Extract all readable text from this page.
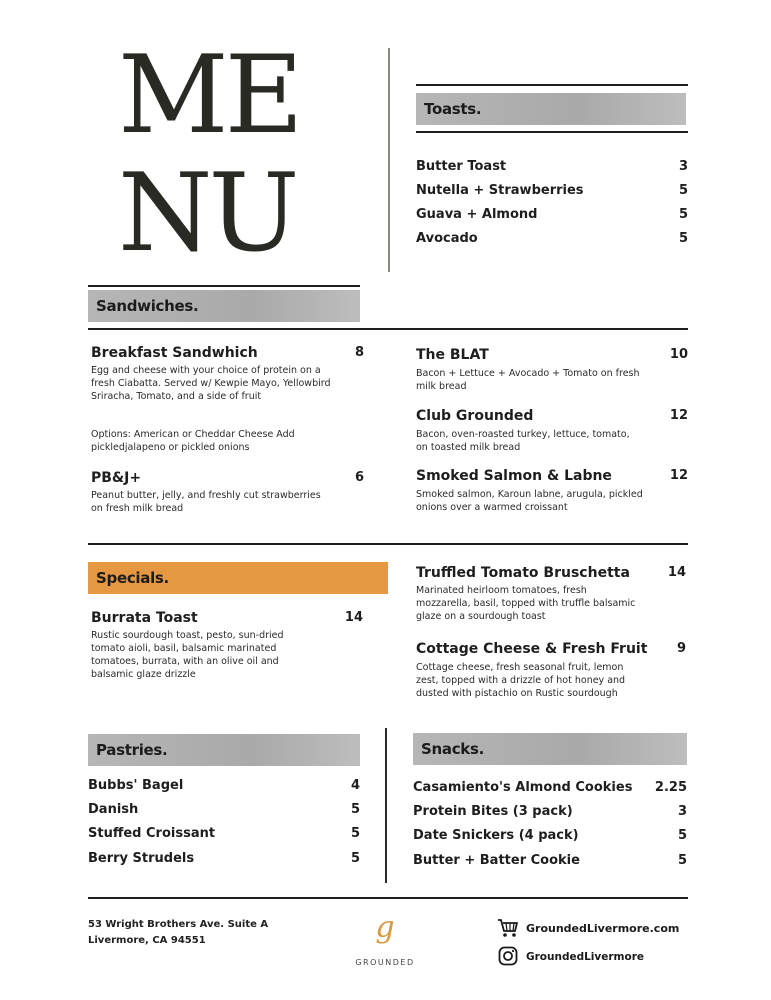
ME
NU
Toasts.
Butter Toast	3
Nutella + Strawberries	5
Guava + Almond	5
Avocado	5
Sandwiches.
Breakfast Sandwhich	8
Egg and cheese with your choice of protein on a fresh Ciabatta. Served w/ Kewpie Mayo, Yellowbird Sriracha, Tomato, and a side of fruit
Options: American or Cheddar Cheese Add pickledjalapeno or pickled onions
PB&J+	6
Peanut butter, jelly, and freshly cut strawberries on fresh milk bread
The BLAT	10
Bacon + Lettuce + Avocado + Tomato on fresh milk bread
Club Grounded	12
Bacon, oven-roasted turkey, lettuce, tomato, on toasted milk bread
Smoked Salmon & Labne	12
Smoked salmon, Karoun labne, arugula, pickled onions over a warmed croissant
Specials.
Burrata Toast	14
Rustic sourdough toast, pesto, sun-dried tomato aioli, basil, balsamic marinated tomatoes, burrata, with an olive oil and balsamic glaze drizzle
Truffled Tomato Bruschetta	14
Marinated heirloom tomatoes, fresh mozzarella, basil, topped with truffle balsamic glaze on a sourdough toast
Cottage Cheese & Fresh Fruit	9
Cottage cheese, fresh seasonal fruit, lemon zest, topped with a drizzle of hot honey and dusted with pistachio on Rustic sourdough
Pastries.
Bubbs' Bagel	4
Danish	5
Stuffed Croissant	5
Berry Strudels	5
Snacks.
Casamiento's Almond Cookies 2.25
Protein Bites (3 pack)	3
Date Snickers (4 pack)	5
Butter + Batter Cookie	5
53 Wright Brothers Ave. Suite A
Livermore, CA 94551	g
GROUNDED
GroundedLivermore.com
GroundedLivermore
